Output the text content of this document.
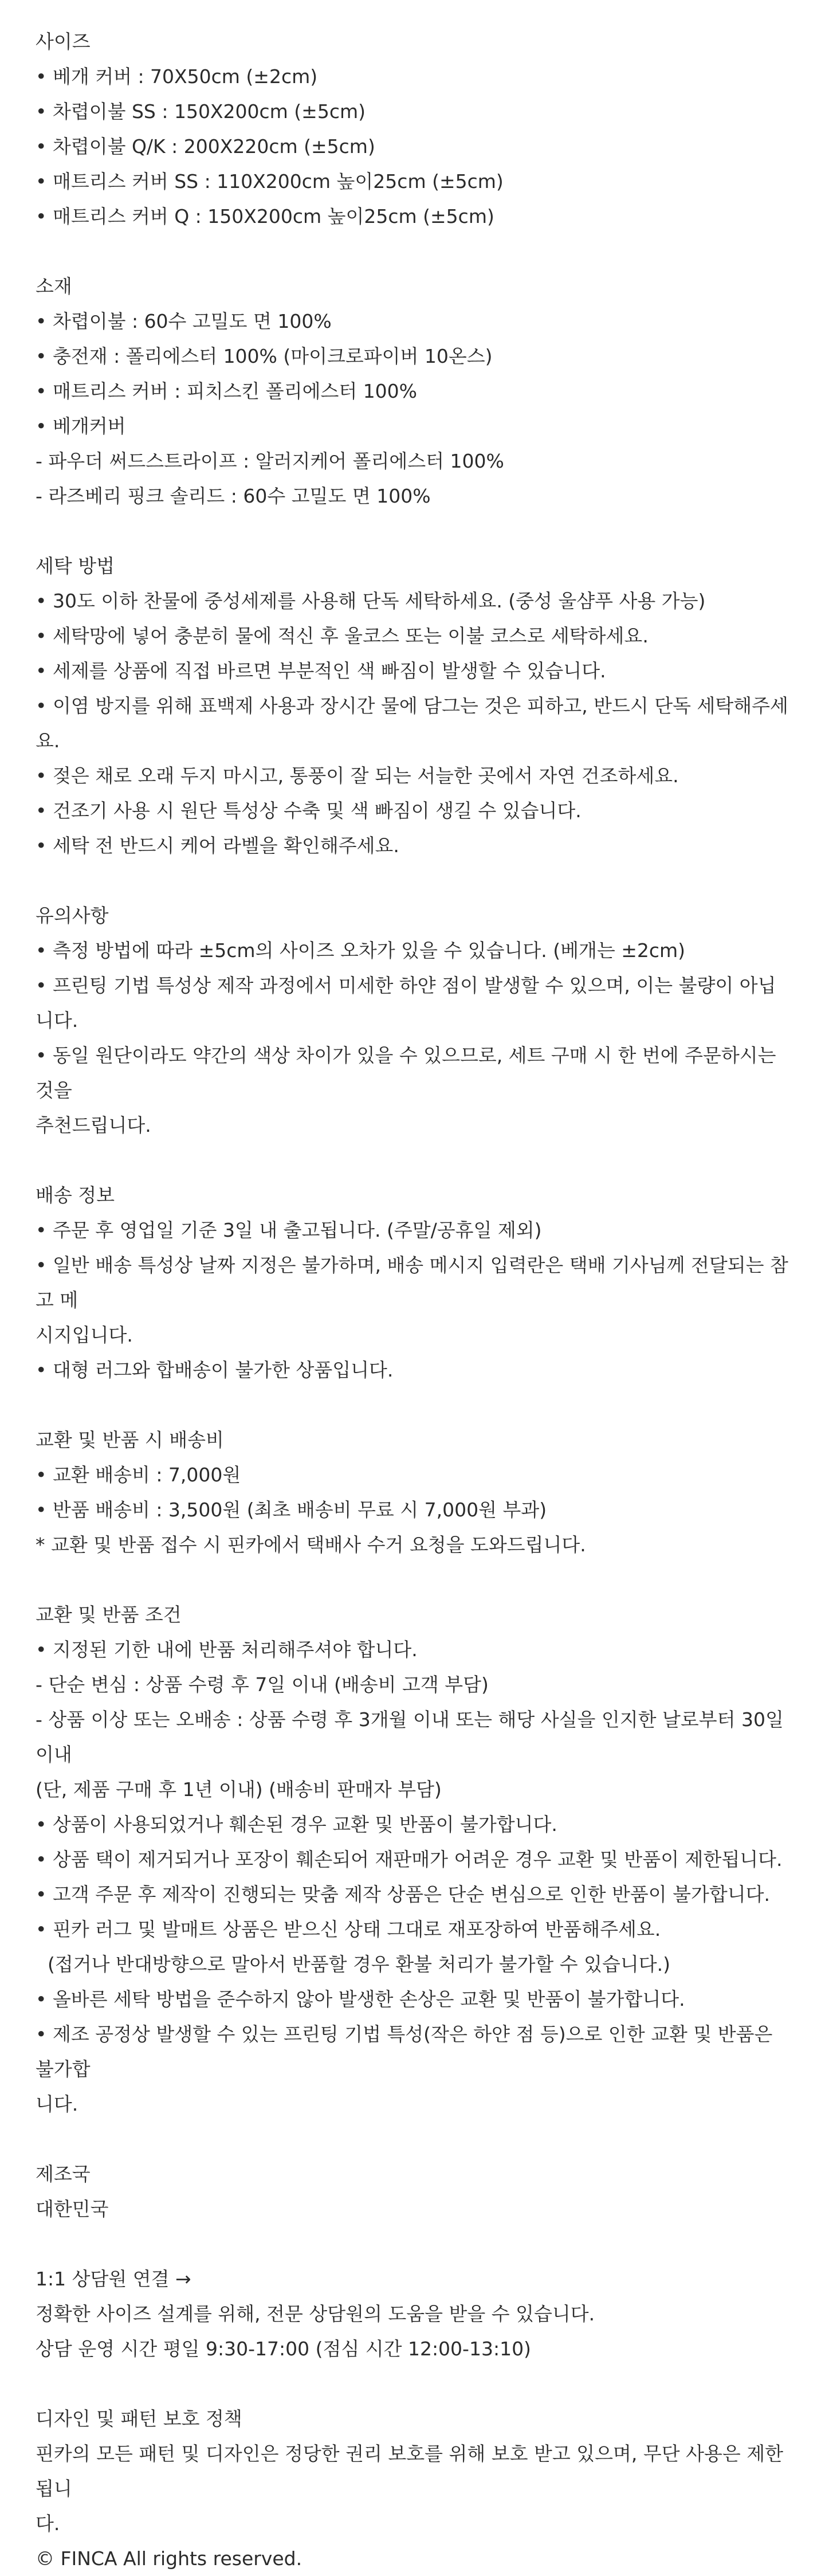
사이즈

• 베개 커버 : 70X50cm (±2cm)

• 차렵이불 SS : 150X200cm (±5cm)

• 차렵이불 Q/K : 200X220cm (±5cm)

• 매트리스 커버 SS : 110X200cm 높이25cm (±5cm)

• 매트리스 커버 Q : 150X200cm 높이25cm (±5cm)

소재

• 차렵이불 : 60수 고밀도 면 100%

• 충전재 : 폴리에스터 100% (마이크로파이버 10온스)

• 매트리스 커버 : 피치스킨 폴리에스터 100%

• 베개커버

- 파우더 써드스트라이프 : 알러지케어 폴리에스터 100%

- 라즈베리 핑크 솔리드 : 60수 고밀도 면 100%

세탁 방법

• 30도 이하 찬물에 중성세제를 사용해 단독 세탁하세요. (중성 울샴푸 사용 가능)

• 세탁망에 넣어 충분히 물에 적신 후 울코스 또는 이불 코스로 세탁하세요.

• 세제를 상품에 직접 바르면 부분적인 색 빠짐이 발생할 수 있습니다.

• 이염 방지를 위해 표백제 사용과 장시간 물에 담그는 것은 피하고, 반드시 단독 세탁해주세요.

• 젖은 채로 오래 두지 마시고, 통풍이 잘 되는 서늘한 곳에서 자연 건조하세요.

• 건조기 사용 시 원단 특성상 수축 및 색 빠짐이 생길 수 있습니다.

• 세탁 전 반드시 케어 라벨을 확인해주세요.

유의사항

• 측정 방법에 따라 ±5cm의 사이즈 오차가 있을 수 있습니다. (베개는 ±2cm)

• 프린팅 기법 특성상 제작 과정에서 미세한 하얀 점이 발생할 수 있으며, 이는 불량이 아닙니다.

• 동일 원단이라도 약간의 색상 차이가 있을 수 있으므로, 세트 구매 시 한 번에 주문하시는 것을

추천드립니다.

배송 정보

• 주문 후 영업일 기준 3일 내 출고됩니다. (주말/공휴일 제외)

• 일반 배송 특성상 날짜 지정은 불가하며, 배송 메시지 입력란은 택배 기사님께 전달되는 참고 메

시지입니다.

• 대형 러그와 합배송이 불가한 상품입니다.

교환 및 반품 시 배송비

• 교환 배송비 : 7,000원

• 반품 배송비 : 3,500원 (최초 배송비 무료 시 7,000원 부과)

* 교환 및 반품 접수 시 핀카에서 택배사 수거 요청을 도와드립니다.

교환 및 반품 조건

• 지정된 기한 내에 반품 처리해주셔야 합니다.

- 단순 변심 : 상품 수령 후 7일 이내 (배송비 고객 부담)

- 상품 이상 또는 오배송 : 상품 수령 후 3개월 이내 또는 해당 사실을 인지한 날로부터 30일 이내

(단, 제품 구매 후 1년 이내) (배송비 판매자 부담)

• 상품이 사용되었거나 훼손된 경우 교환 및 반품이 불가합니다.

• 상품 택이 제거되거나 포장이 훼손되어 재판매가 어려운 경우 교환 및 반품이 제한됩니다.

• 고객 주문 후 제작이 진행되는 맞춤 제작 상품은 단순 변심으로 인한 반품이 불가합니다.

• 핀카 러그 및 발매트 상품은 받으신 상태 그대로 재포장하여 반품해주세요.

(접거나 반대방향으로 말아서 반품할 경우 환불 처리가 불가할 수 있습니다.)

• 올바른 세탁 방법을 준수하지 않아 발생한 손상은 교환 및 반품이 불가합니다.

• 제조 공정상 발생할 수 있는 프린팅 기법 특성(작은 하얀 점 등)으로 인한 교환 및 반품은 불가합

니다.

제조국

대한민국

1:1 상담원 연결 →

정확한 사이즈 설계를 위해, 전문 상담원의 도움을 받을 수 있습니다.

상담 운영 시간 평일 9:30-17:00 (점심 시간 12:00-13:10)

디자인 및 패턴 보호 정책

핀카의 모든 패턴 및 디자인은 정당한 권리 보호를 위해 보호 받고 있으며, 무단 사용은 제한됩니

다.

© FINCA All rights reserved.
